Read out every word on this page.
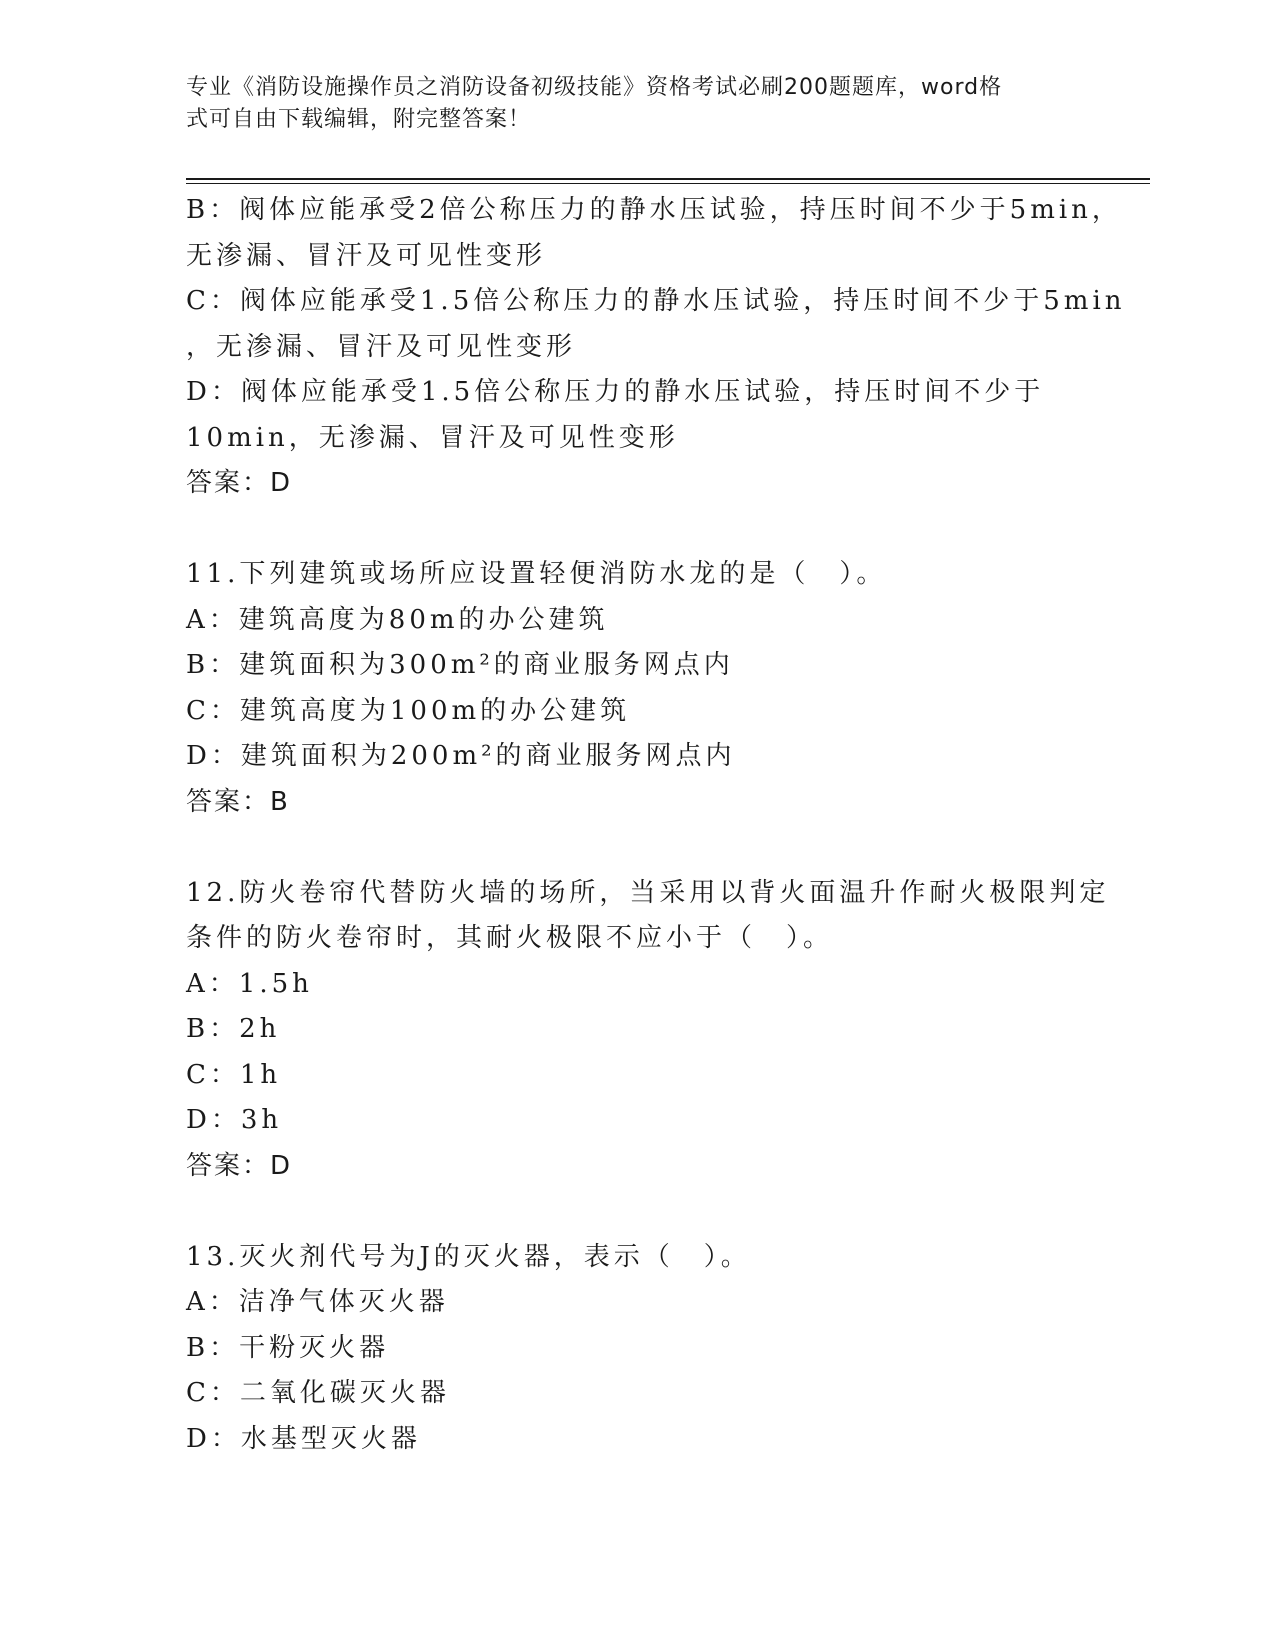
专业《消防设施操作员之消防设备初级技能》资格考试必刷200题题库，word格
式可自由下载编辑，附完整答案！
B：阀体应能承受2倍公称压力的静水压试验，持压时间不少于5min，
无渗漏、冒汗及可见性变形
C：阀体应能承受1.5倍公称压力的静水压试验，持压时间不少于5min
，无渗漏、冒汗及可见性变形
D：阀体应能承受1.5倍公称压力的静水压试验，持压时间不少于
10min，无渗漏、冒汗及可见性变形
答案：D
11.下列建筑或场所应设置轻便消防水龙的是（　）。
A：建筑高度为80m的办公建筑
B：建筑面积为300m²的商业服务网点内
C：建筑高度为100m的办公建筑
D：建筑面积为200m²的商业服务网点内
答案：B
12.防火卷帘代替防火墙的场所，当采用以背火面温升作耐火极限判定
条件的防火卷帘时，其耐火极限不应小于（　）。
A：1.5h
B：2h
C：1h
D：3h
答案：D
13.灭火剂代号为J的灭火器，表示（　）。
A：洁净气体灭火器
B：干粉灭火器
C：二氧化碳灭火器
D：水基型灭火器
